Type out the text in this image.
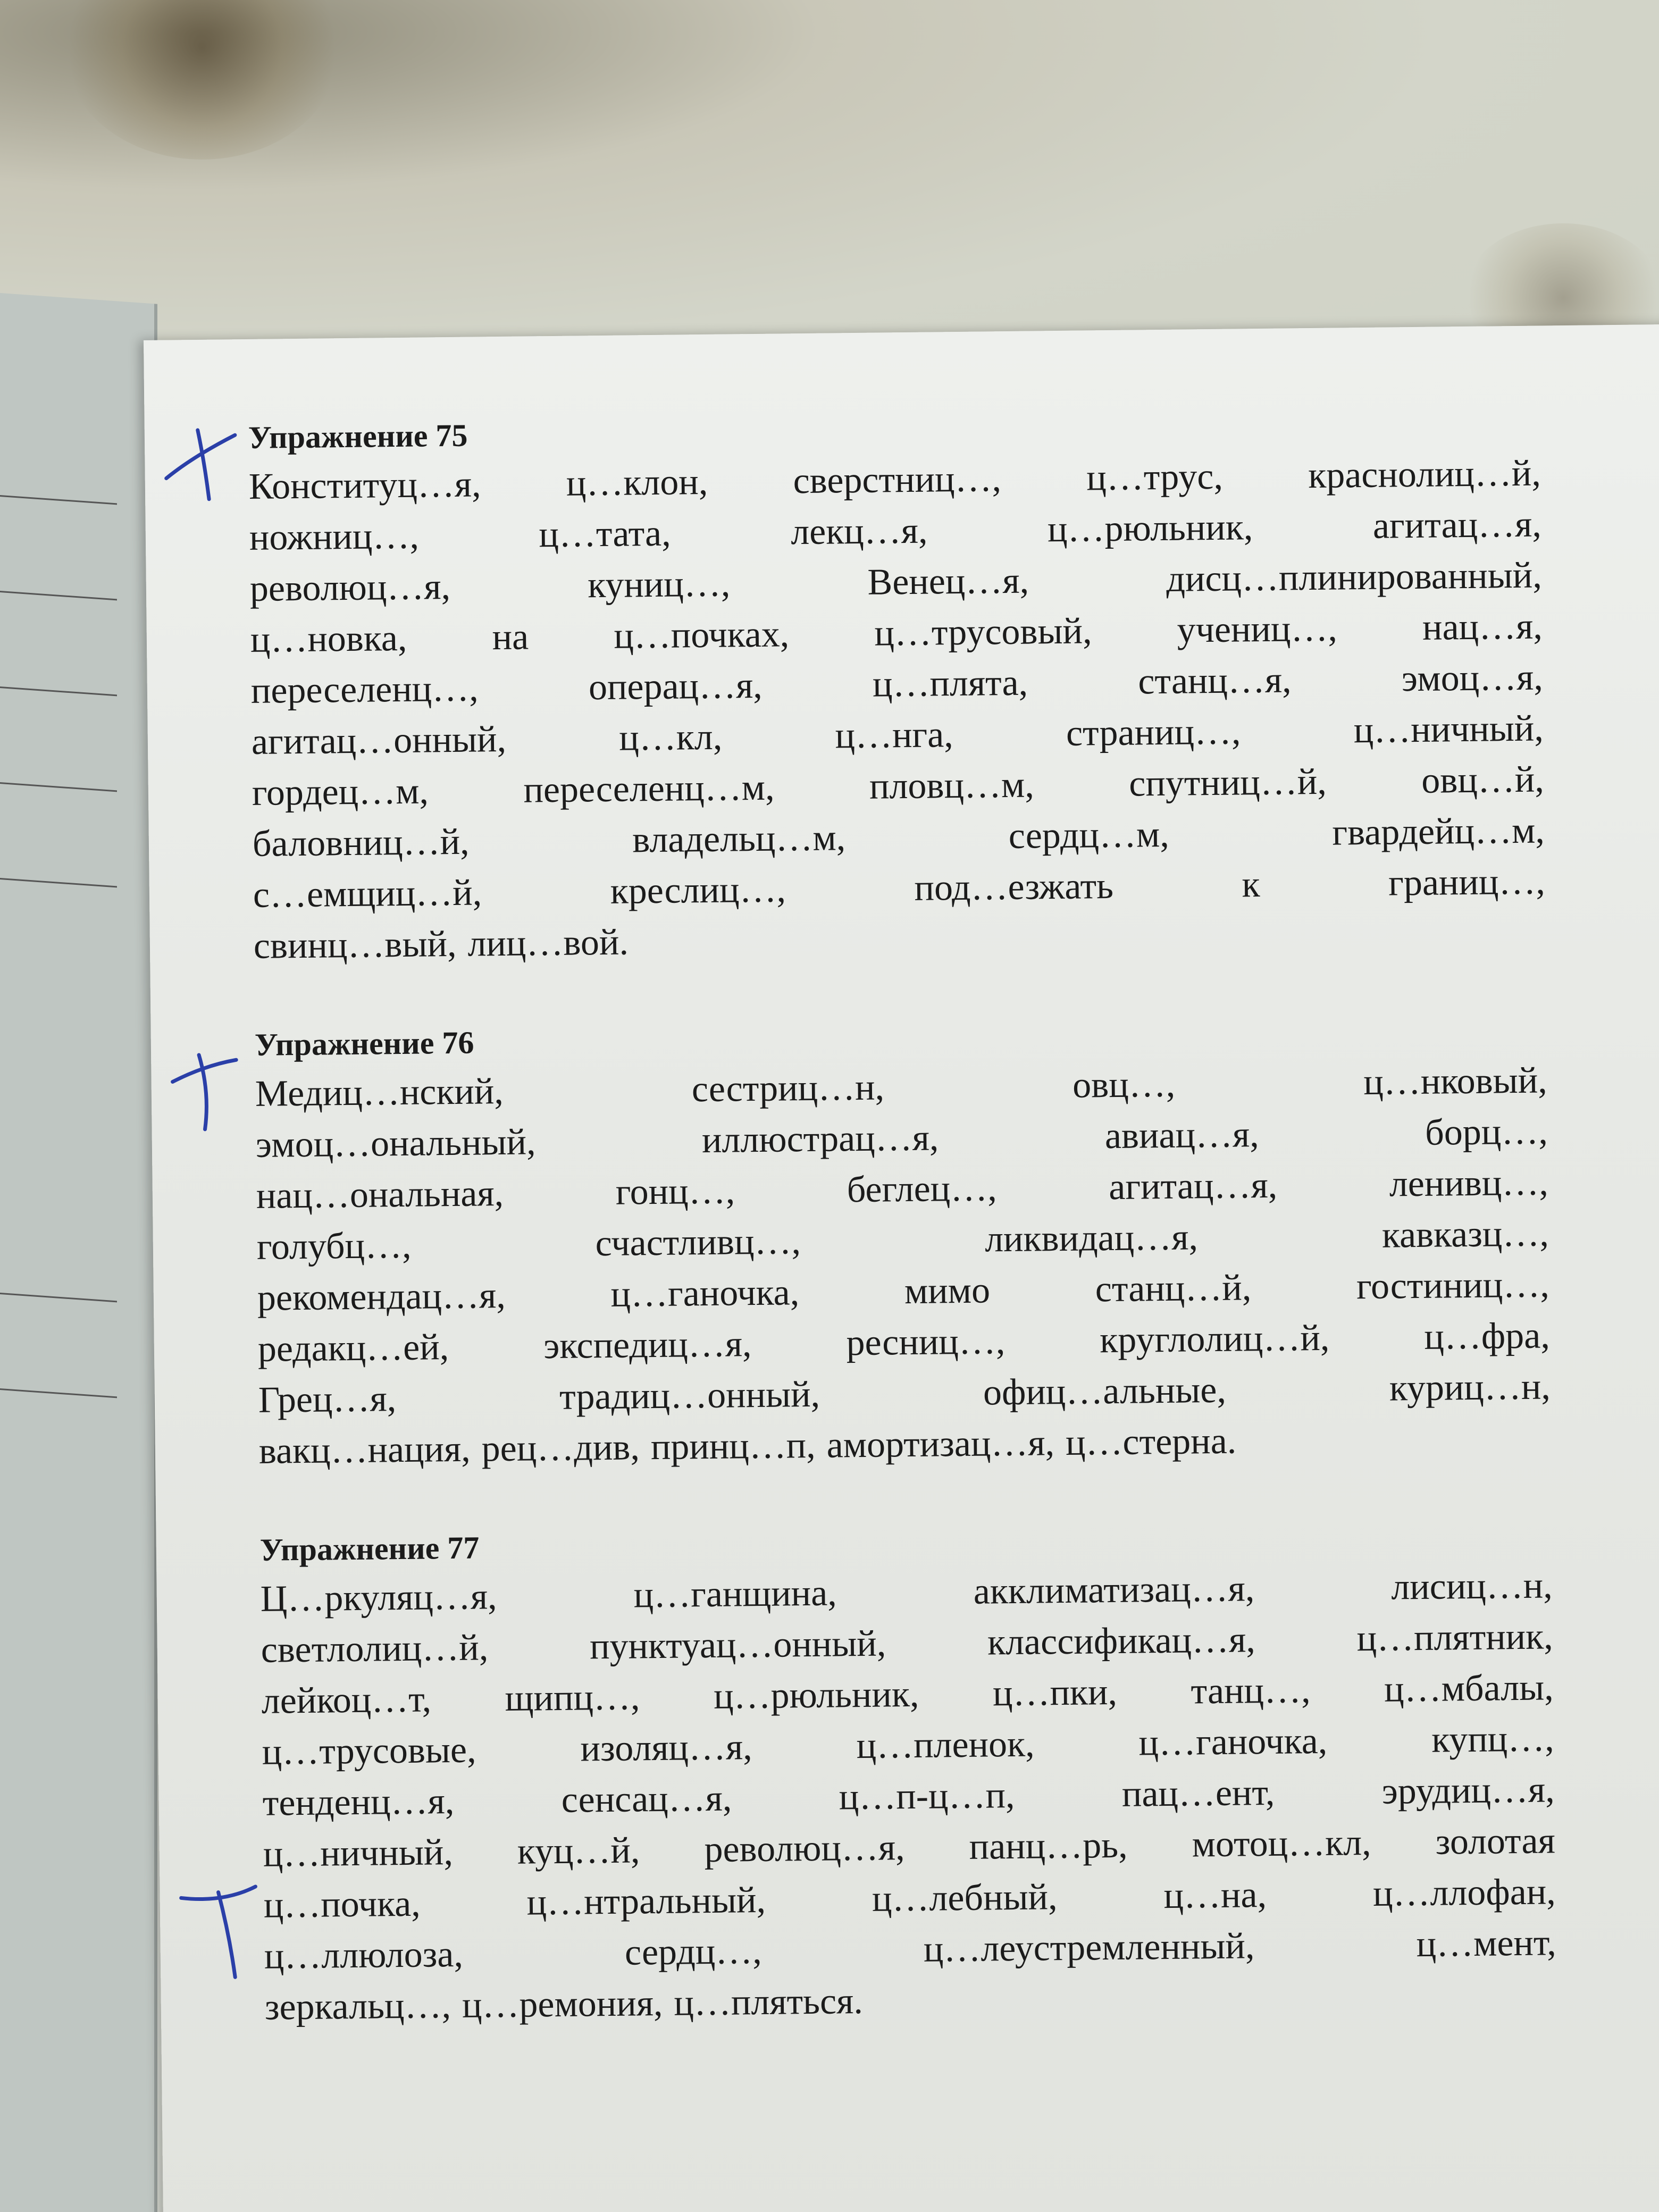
Упражнение 75
Конституц…я, ц…клон, сверстниц…, ц…трус, краснолиц…й,
ножниц…,	ц…тата,	лекц…я,	ц…рюльник,	агитац…я,
революц…я,	куниц…,	Венец…я,	дисц…плинированный,
ц…новка, на ц…почках, ц…трусовый, учениц…, нац…я,
переселенц…,	операц…я,	ц…плята,	станц…я,	эмоц…я,
агитац…онный,	ц…кл,	ц…нга,	страниц…,	ц…ничный,
гордец…м,	переселенц…м,	пловц…м,	спутниц…й,	овц…й,
баловниц…й,	владельц…м,	сердц…м,	гвардейц…м,
с…емщиц…й,	креслиц…,	под…езжать	к	границ…,
свинц…вый, лиц…вой.
Упражнение 76
Медиц…нский,	сестриц…н,	овц…,	ц…нковый,
эмоц…ональный,	иллюстрац…я,	авиац…я,	борц…,
нац…ональная,	гонц…,	беглец…,	агитац…я,	ленивц…,
голубц…,	счастливц…,	ликвидац…я,	кавказц…,
рекомендац…я,	ц…ганочка,	мимо	станц…й,	гостиниц…,
редакц…ей,	экспедиц…я,	ресниц…,	круглолиц…й,	ц…фра,
Грец…я,	традиц…онный,	офиц…альные,	куриц…н,
вакц…нация, рец…див, принц…п, амортизац…я, ц…стерна.
Упражнение 77
Ц…ркуляц…я,	ц…ганщина,	акклиматизац…я,	лисиц…н,
светлолиц…й,	пунктуац…онный,	классификац…я,	ц…плятник,
лейкоц…т, щипц…, ц…рюльник, ц…пки, танц…, ц…мбалы,
ц…трусовые,	изоляц…я,	ц…пленок,	ц…ганочка,	купц…,
тенденц…я,	сенсац…я,	ц…п-ц…п,	пац…ент,	эрудиц…я,
ц…ничный, куц…й, революц…я, панц…рь, мотоц…кл, золотая
ц…почка,	ц…нтральный,	ц…лебный,	ц…на,	ц…ллофан,
ц…ллюлоза,	сердц…,	ц…леустремленный,	ц…мент,
зеркальц…, ц…ремония, ц…пляться.
